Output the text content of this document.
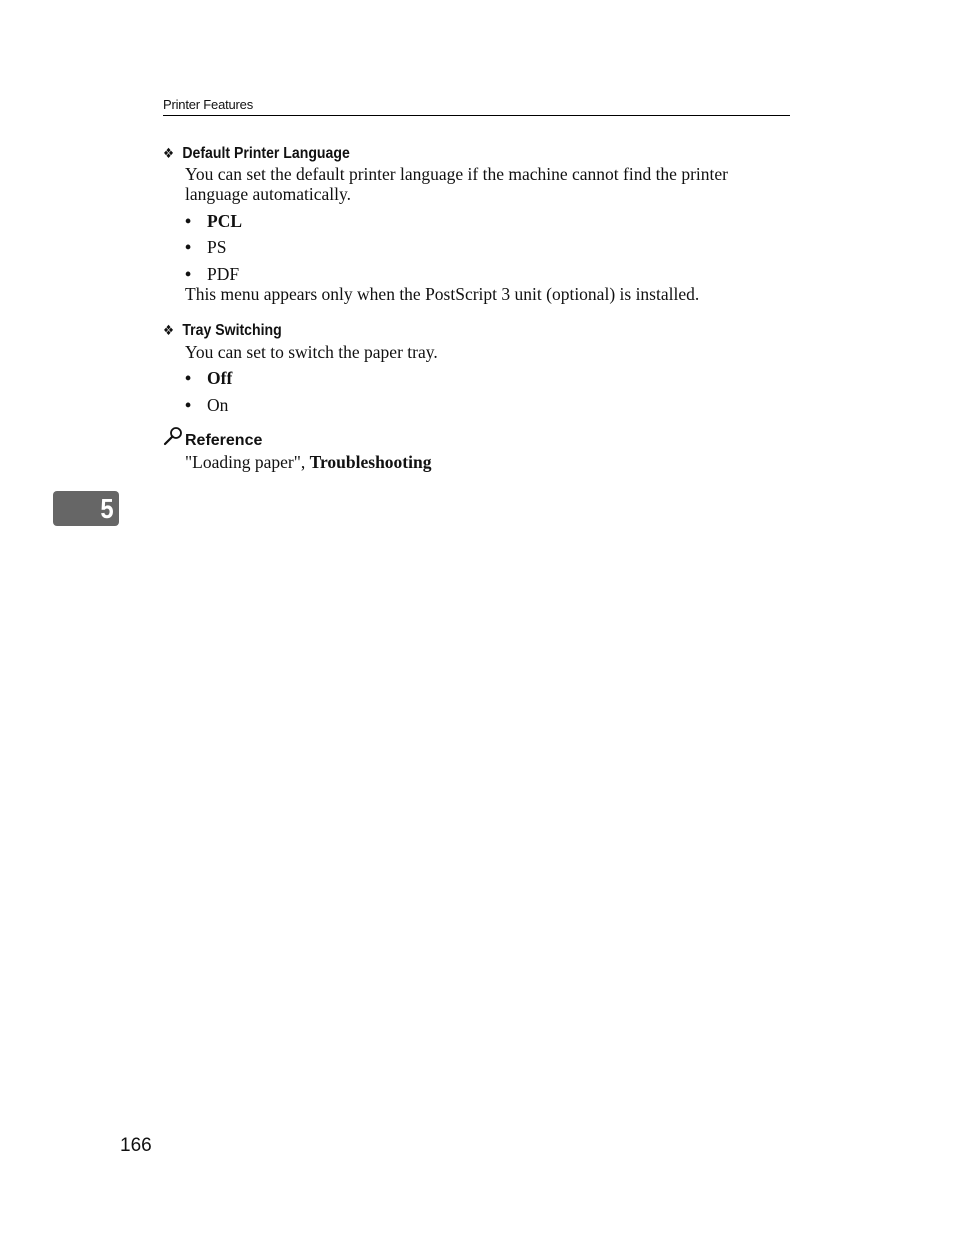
Printer Features
❖ Default Printer Language
You can set the default printer language if the machine cannot find the printer language automatically.
• PCL
• PS
• PDF
This menu appears only when the PostScript 3 unit (optional) is installed.
❖ Tray Switching
You can set to switch the paper tray.
• Off
• On
Reference
"Loading paper", Troubleshooting
5
166
